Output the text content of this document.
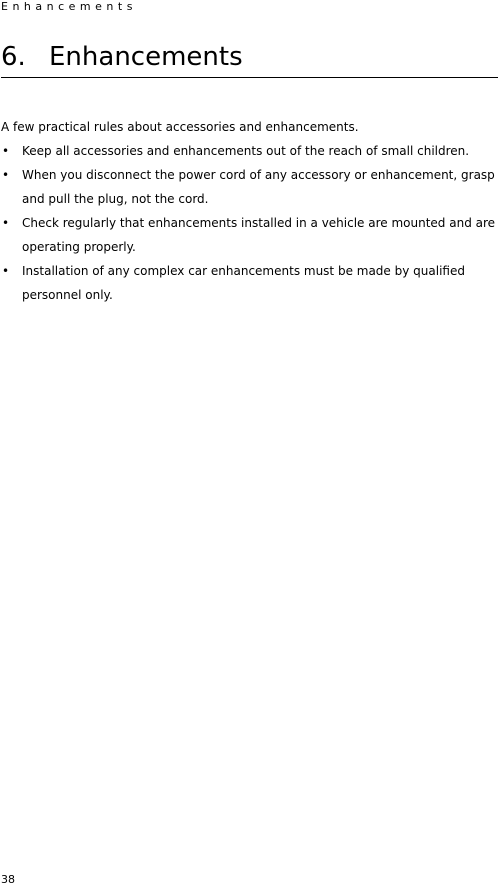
Enhancements
6. Enhancements

A few practical rules about accessories and enhancements.

• Keep all accessories and enhancements out of the reach of small children.
• When you disconnect the power cord of any accessory or enhancement, grasp and pull the plug, not the cord.
• Check regularly that enhancements installed in a vehicle are mounted and are operating properly.
• Installation of any complex car enhancements must be made by qualified personnel only.
38
